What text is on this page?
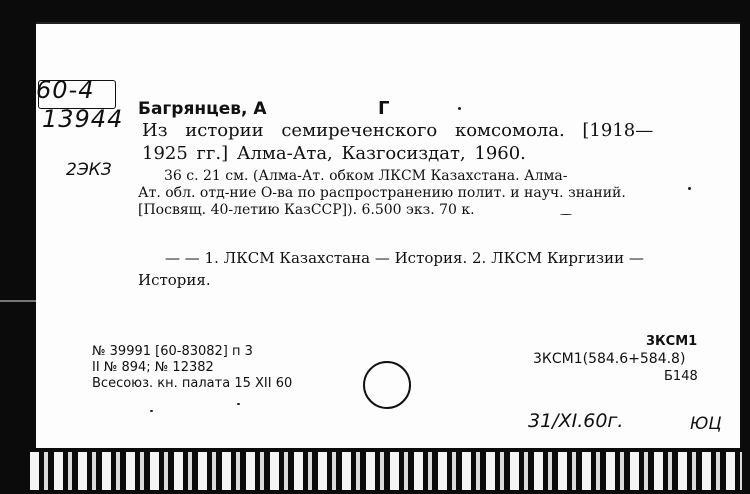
60-4
13944
2ЭКЗ
Багрянцев, А	Г
Из истории семиреченского комсомола. [1918—
1925 гг.] Алма-Ата, Казгосиздат, 1960.
36 с. 21 см. (Алма-Ат. обком ЛКСМ Казахстана. Алма-
Ат. обл. отд-ние О-ва по распространению полит. и науч. знаний.
[Посвящ. 40-летию КазССР]). 6.500 экз. 70 к.
— — 1. ЛКСМ Казахстана — История. 2. ЛКСМ Киргизии —
История.
№ 39991 [60-83082] п 3
II № 894; № 12382
Всесоюз. кн. палата 15 XII 60
3КСМ1
3КСМ1(584.6+584.8)
Б148
31/XI.60г.	ЮЦ
